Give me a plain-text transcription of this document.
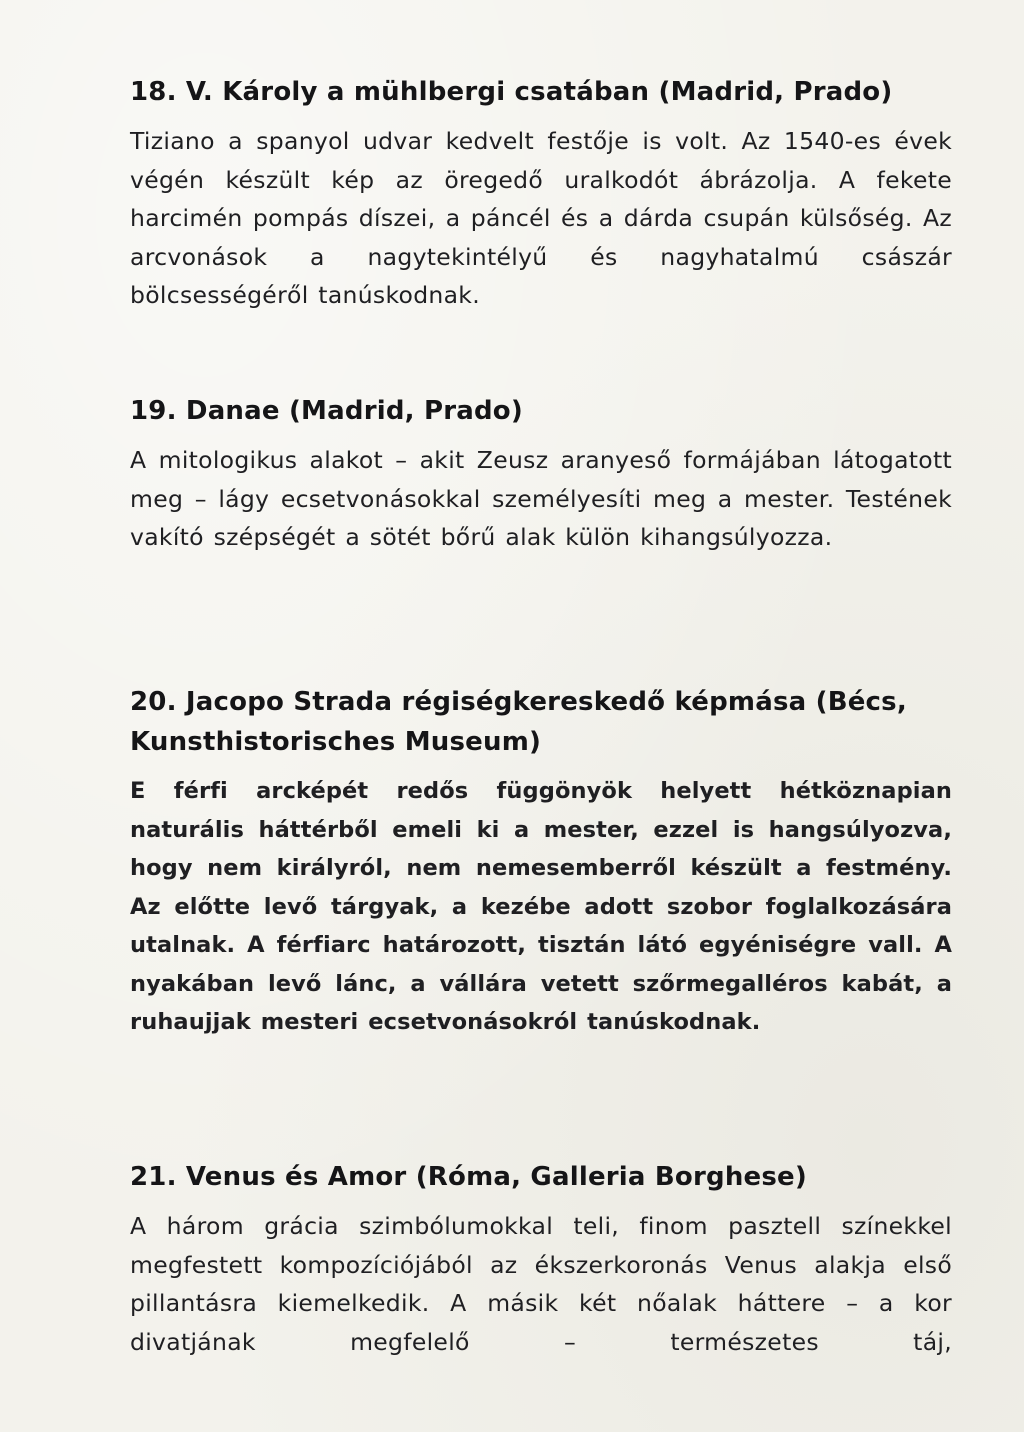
18. V. Károly a mühlbergi csatában (Madrid, Prado)

Tiziano a spanyol udvar kedvelt festője is volt. Az 1540-es évek végén készült kép az öregedő uralkodót ábrázolja. A fekete harcimén pompás díszei, a páncél és a dárda csupán külsőség. Az arcvonások a nagytekintélyű és nagyhatalmú császár bölcsességéről tanúskodnak.

19. Danae (Madrid, Prado)

A mitologikus alakot – akit Zeusz aranyeső formájában látogatott meg – lágy ecsetvonásokkal személyesíti meg a mester. Testének vakító szépségét a sötét bőrű alak külön kihangsúlyozza.

20. Jacopo Strada régiségkereskedő képmása (Bécs, Kunsthistorisches Museum)

E férfi arcképét redős függönyök helyett hétköznapian naturális háttérből emeli ki a mester, ezzel is hangsúlyozva, hogy nem királyról, nem nemesemberről készült a festmény. Az előtte levő tárgyak, a kezébe adott szobor foglalkozására utalnak. A férfiarc határozott, tisztán látó egyéniségre vall. A nyakában levő lánc, a vállára vetett szőrmegalléros kabát, a ruhaujjak mesteri ecsetvonásokról tanúskodnak.

21. Venus és Amor (Róma, Galleria Borghese)

A három grácia szimbólumokkal teli, finom pasztell színekkel megfestett kompozíciójából az ékszerkoronás Venus alakja első pillantásra kiemelkedik. A másik két nőalak háttere – a kor divatjának megfelelő – természetes táj,
